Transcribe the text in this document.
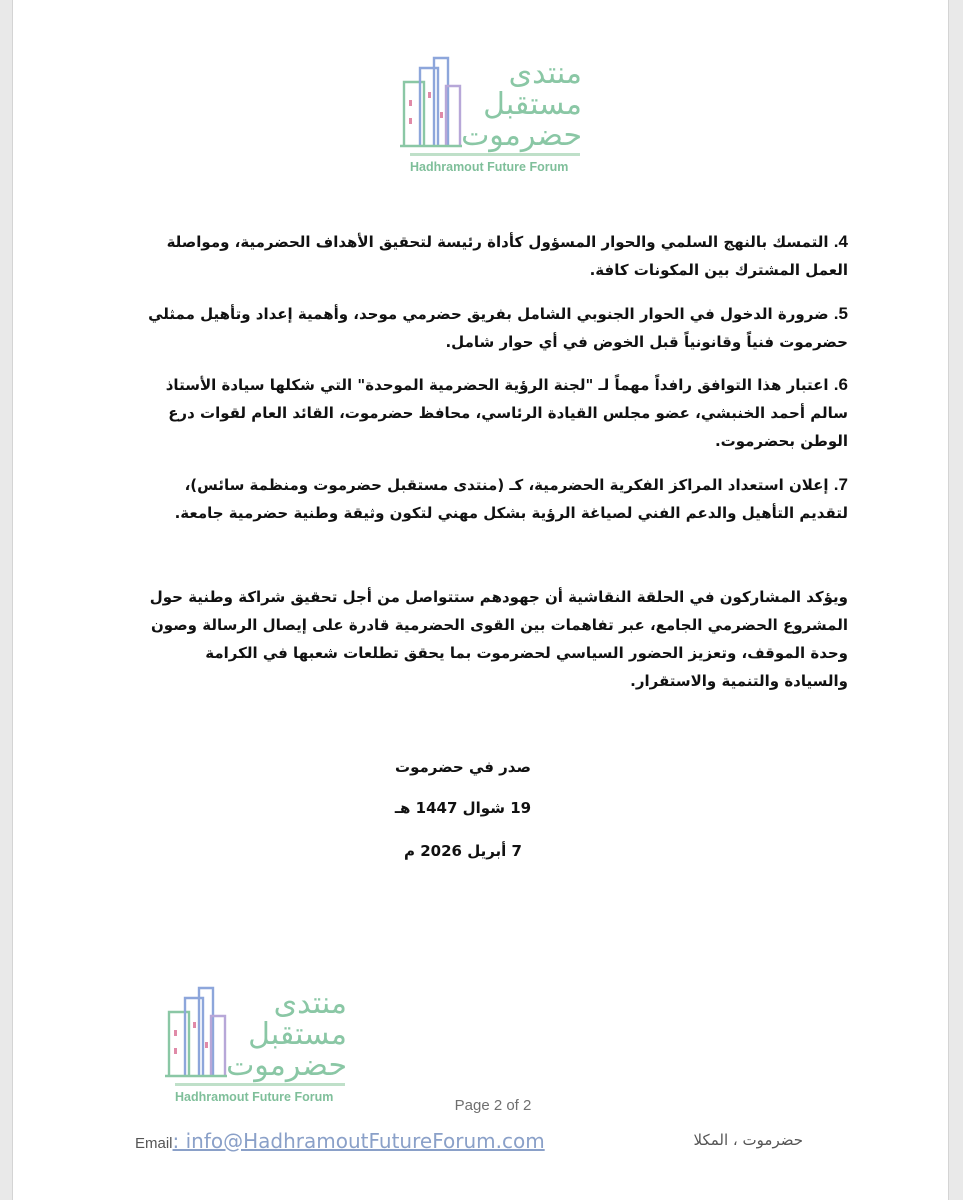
منتدى
مستقبل
حضرموت
Hadhramout Future Forum
4. التمسك بالنهج السلمي والحوار المسؤول كأداة رئيسة لتحقيق الأهداف الحضرمية، ومواصلة العمل المشترك بين المكونات كافة.
5. ضرورة الدخول في الحوار الجنوبي الشامل بفريق حضرمي موحد، وأهمية إعداد وتأهيل ممثلي حضرموت فنياً وقانونياً قبل الخوض في أي حوار شامل.
6. اعتبار هذا التوافق رافداً مهماً لـ "لجنة الرؤية الحضرمية الموحدة" التي شكلها سيادة الأستاذ سالم أحمد الخنبشي، عضو مجلس القيادة الرئاسي، محافظ حضرموت، القائد العام لقوات درع الوطن بحضرموت.
7. إعلان استعداد المراكز الفكرية الحضرمية، كـ (منتدى مستقبل حضرموت ومنظمة سائس)، لتقديم التأهيل والدعم الفني لصياغة الرؤية بشكل مهني لتكون وثيقة وطنية حضرمية جامعة.
ويؤكد المشاركون في الحلقة النقاشية أن جهودهم ستتواصل من أجل تحقيق شراكة وطنية حول المشروع الحضرمي الجامع، عبر تفاهمات بين القوى الحضرمية قادرة على إيصال الرسالة وصون وحدة الموقف، وتعزيز الحضور السياسي لحضرموت بما يحقق تطلعات شعبها في الكرامة والسيادة والتنمية والاستقرار.
صدر في حضرموت
19 شوال 1447 هـ
7 أبريل 2026 م
منتدى
مستقبل
حضرموت
Hadhramout Future Forum	Page 2 of 2
Email: info@HadhramoutFutureForum.com	حضرموت ، المكلا
